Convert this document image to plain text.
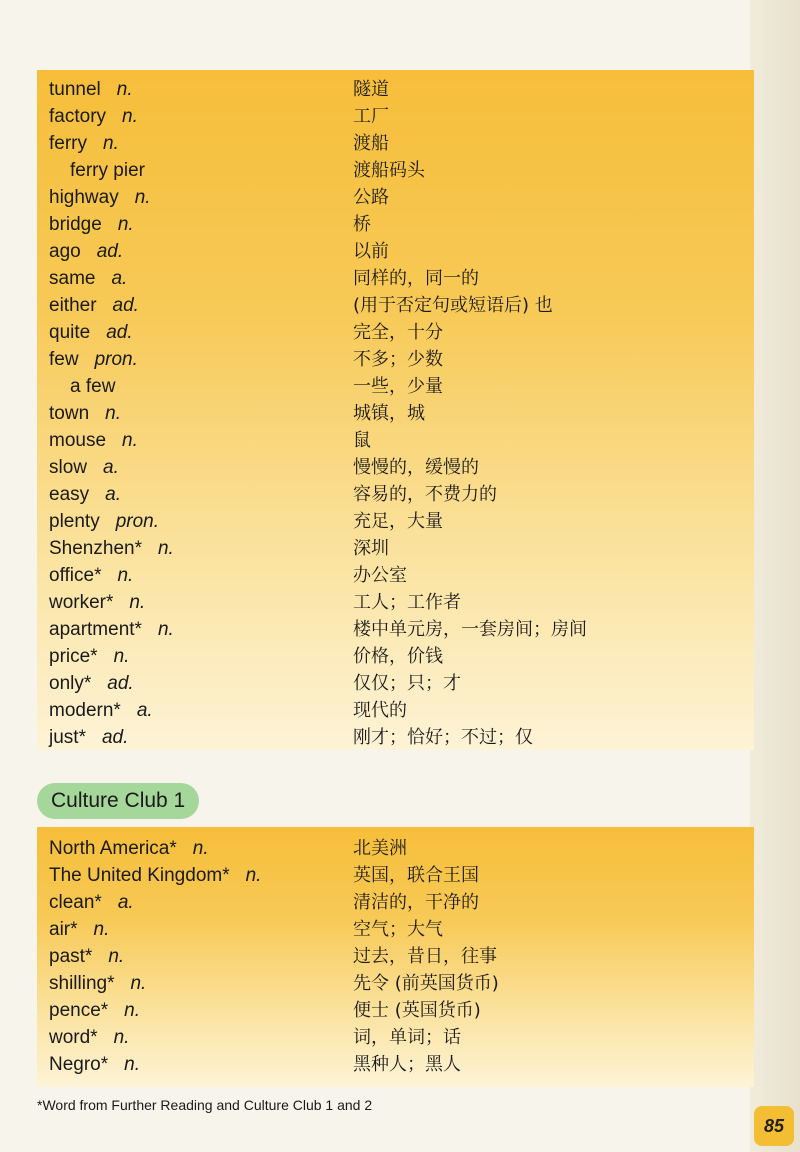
tunnel n.	隧道
factory n.	工厂
ferry n.	渡船
ferry pier	渡船码头
highway n.	公路
bridge n.	桥
ago ad.	以前
same a.	同样的，同一的
either ad.	(用于否定句或短语后) 也
quite ad.	完全，十分
few pron.	不多；少数
a few	一些，少量
town n.	城镇，城
mouse n.	鼠
slow a.	慢慢的，缓慢的
easy a.	容易的，不费力的
plenty pron.	充足，大量
Shenzhen* n.	深圳
office* n.	办公室
worker* n.	工人；工作者
apartment* n.	楼中单元房，一套房间；房间
price* n.	价格，价钱
only* ad.	仅仅；只；才
modern* a.	现代的
just* ad.	刚才；恰好；不过；仅
Culture Club 1
North America* n.	北美洲
The United Kingdom* n.	英国，联合王国
clean* a.	清洁的，干净的
air* n.	空气；大气
past* n.	过去，昔日，往事
shilling* n.	先令 (前英国货币)
pence* n.	便士 (英国货币)
word* n.	词，单词；话
Negro* n.	黑种人；黑人
*Word from Further Reading and Culture Club 1 and 2
85
